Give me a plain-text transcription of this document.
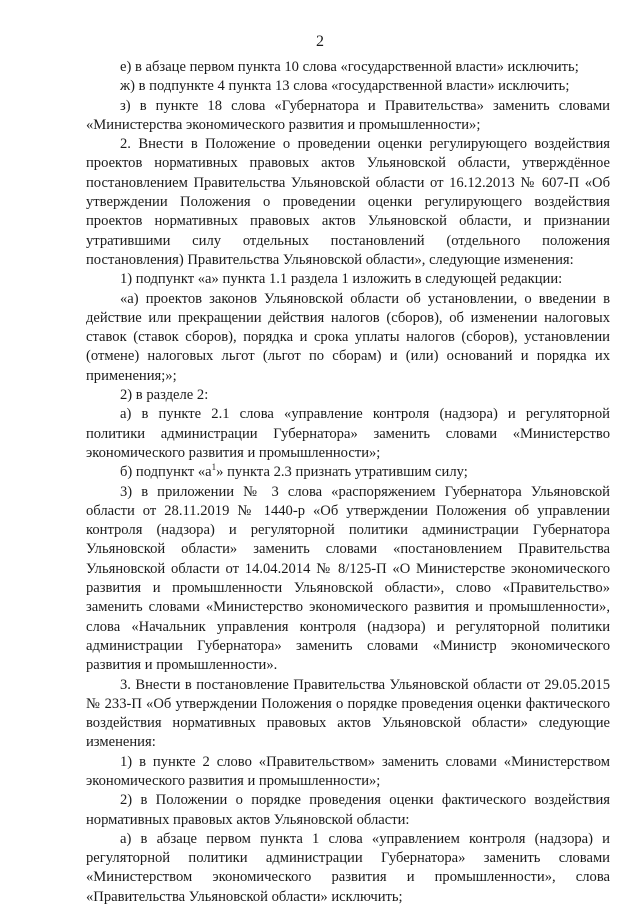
2

е) в абзаце первом пункта 10 слова «государственной власти» исключить;

ж) в подпункте 4 пункта 13 слова «государственной власти» исключить;

з) в пункте 18 слова «Губернатора и Правительства» заменить словами «Министерства экономического развития и промышленности»;

2. Внести в Положение о проведении оценки регулирующего воздействия проектов нормативных правовых актов Ульяновской области, утверждённое постановлением Правительства Ульяновской области от 16.12.2013 № 607-П «Об утверждении Положения о проведении оценки регулирующего воздействия проектов нормативных правовых актов Ульяновской области, и признании утратившими силу отдельных постановлений (отдельного положения постановления) Правительства Ульяновской области», следующие изменения:

1) подпункт «а» пункта 1.1 раздела 1 изложить в следующей редакции:

«а) проектов законов Ульяновской области об установлении, о введении в действие или прекращении действия налогов (сборов), об изменении налоговых ставок (ставок сборов), порядка и срока уплаты налогов (сборов), установлении (отмене) налоговых льгот (льгот по сборам) и (или) оснований и порядка их применения;»;

2) в разделе 2:

а) в пункте 2.1 слова «управление контроля (надзора) и регуляторной политики администрации Губернатора» заменить словами «Министерство экономического развития и промышленности»;

б) подпункт «$а^1$» пункта 2.3 признать утратившим силу;

3) в приложении № 3 слова «распоряжением Губернатора Ульяновской области от 28.11.2019 № 1440-р «Об утверждении Положения об управлении контроля (надзора) и регуляторной политики администрации Губернатора Ульяновской области» заменить словами «постановлением Правительства Ульяновской области от 14.04.2014 № 8/125-П «О Министерстве экономического развития и промышленности Ульяновской области», слово «Правительство» заменить словами «Министерство экономического развития и промышленности», слова «Начальник управления контроля (надзора) и регуляторной политики администрации Губернатора» заменить словами «Министр экономического развития и промышленности».

3. Внести в постановление Правительства Ульяновской области от 29.05.2015 № 233-П «Об утверждении Положения о порядке проведения оценки фактического воздействия нормативных правовых актов Ульяновской области» следующие изменения:

1) в пункте 2 слово «Правительством» заменить словами «Министерством экономического развития и промышленности»;

2) в Положении о порядке проведения оценки фактического воздействия нормативных правовых актов Ульяновской области:

а) в абзаце первом пункта 1 слова «управлением контроля (надзора) и регуляторной политики администрации Губернатора» заменить словами «Министерством экономического развития и промышленности», слова «Правительства Ульяновской области» исключить;
